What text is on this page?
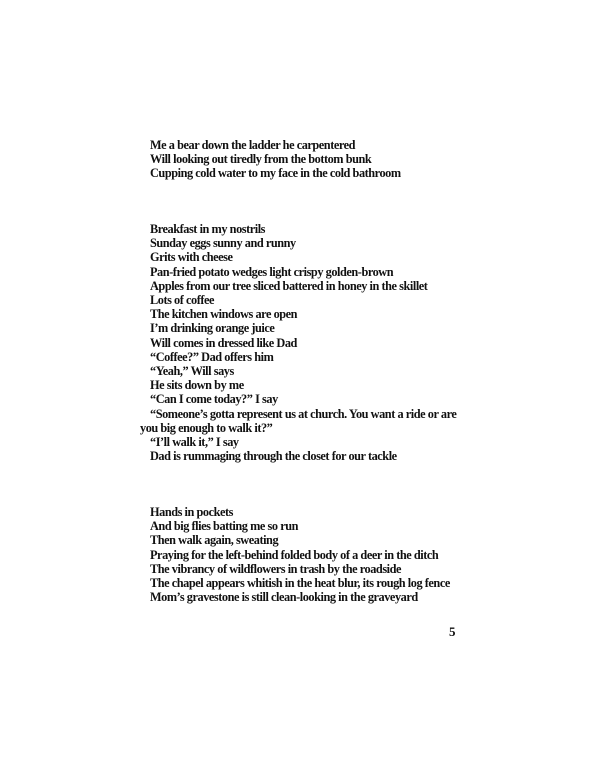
Me a bear down the ladder he carpentered
Will looking out tiredly from the bottom bunk
Cupping cold water to my face in the cold bathroom
Breakfast in my nostrils
Sunday eggs sunny and runny
Grits with cheese
Pan-fried potato wedges light crispy golden-brown
Apples from our tree sliced battered in honey in the skillet
Lots of coffee
The kitchen windows are open
I’m drinking orange juice
Will comes in dressed like Dad
“Coffee?” Dad offers him
“Yeah,” Will says
He sits down by me
“Can I come today?” I say
“Someone’s gotta represent us at church. You want a ride or are
you big enough to walk it?”
“I’ll walk it,” I say
Dad is rummaging through the closet for our tackle
Hands in pockets
And big flies batting me so run
Then walk again, sweating
Praying for the left-behind folded body of a deer in the ditch
The vibrancy of wildflowers in trash by the roadside
The chapel appears whitish in the heat blur, its rough log fence
Mom’s gravestone is still clean-looking in the graveyard
5
